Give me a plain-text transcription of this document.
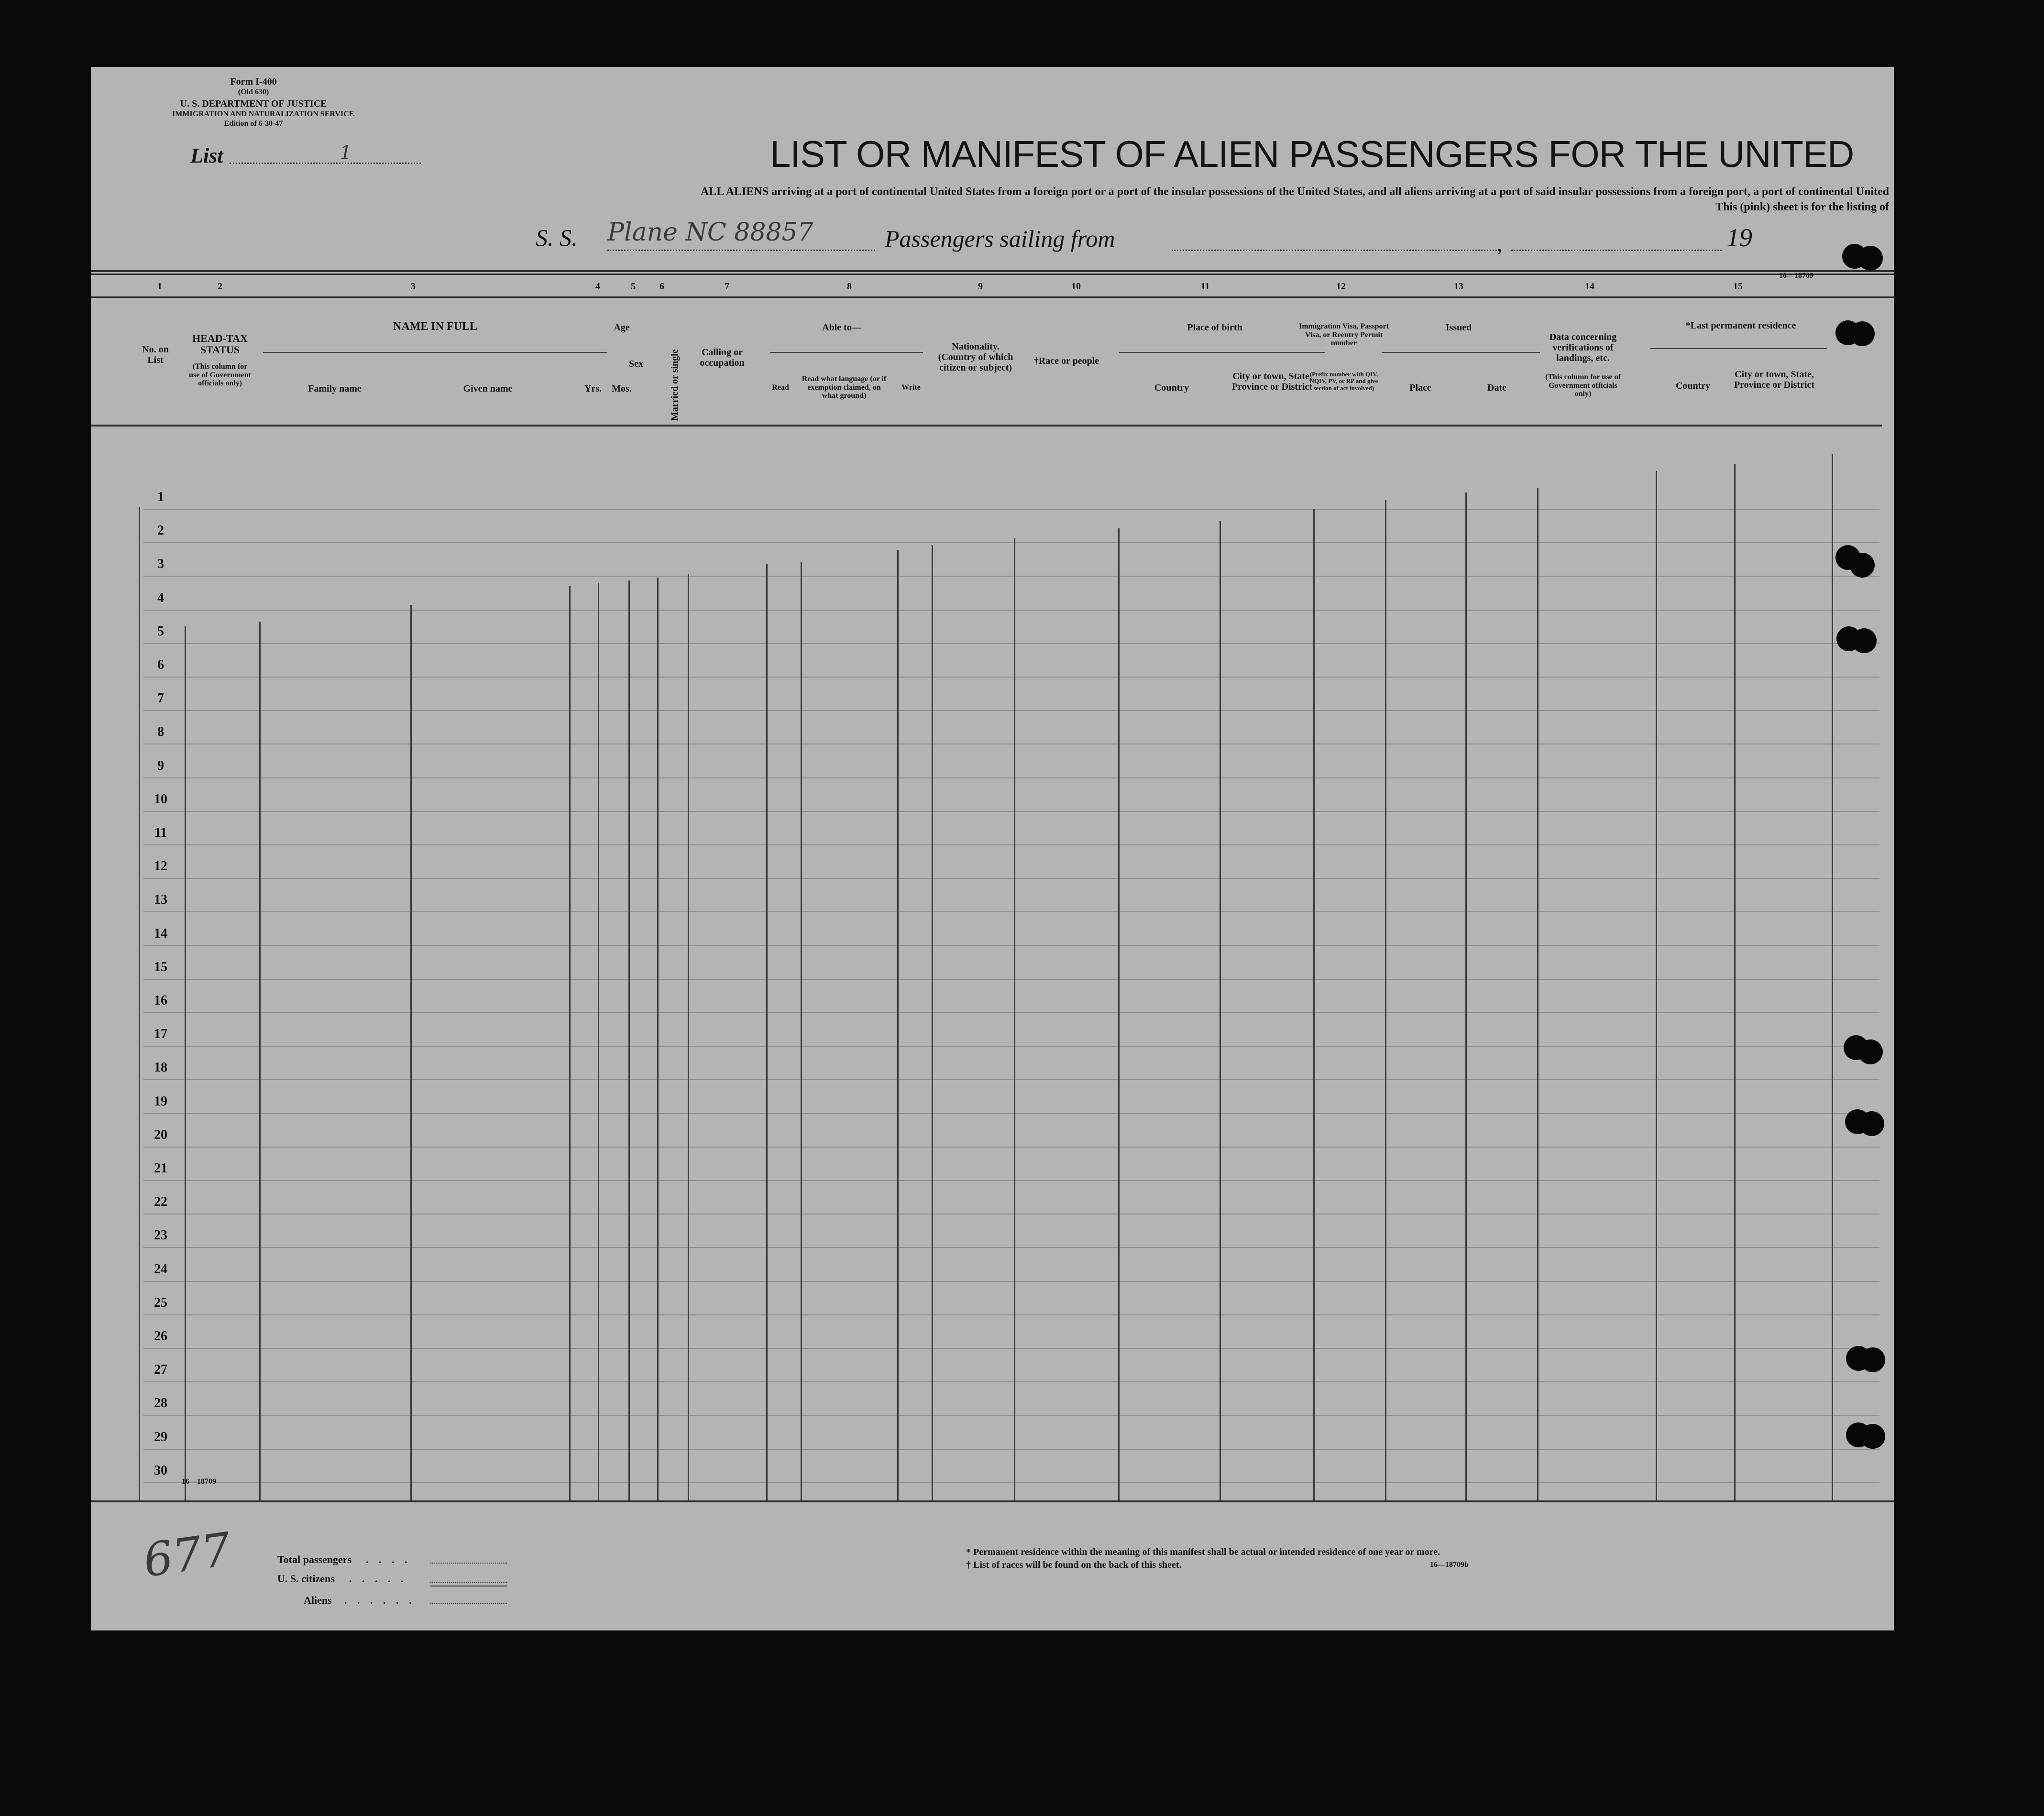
Form I-400
(Old 630)
U. S. DEPARTMENT OF JUSTICE
IMMIGRATION AND NATURALIZATION SERVICE
Edition of 6-30-47
List	1	LIST OR MANIFEST OF ALIEN PASSENGERS FOR THE UNITED
ALL ALIENS arriving at a port of continental United States from a foreign port or a port of the insular possessions of the United States, and all aliens arriving at a port of said insular possessions from a foreign port, a port of continental United
This (pink) sheet is for the listing of
S. S. Plane NC 88857	Passengers sailing from	,	19
1	2	3	4	5	6	7	8	9	10	11	12	13	14	15
16—18709
No. on List
HEAD-TAX STATUS
(This column for use of Government officials only)
NAME IN FULL
Family name	Given name
Age
Yrs.	Mos.
Sex	Married or single	Calling or occupation
Able to—
Read
Read what language (or if exemption claimed, on what ground)
Write
Nationality. (Country of which citizen or subject)
†Race or people
Place of birth
Country
City or town, State, Province or District
Immigration Visa, Passport Visa, or Reentry Permit number
(Prefix number with QIV, NQIV, PV, or RP and give section of act involved)
Issued
Place	Date
Data concerning verifications of landings, etc.
(This column for use of Government officials only)
*Last permanent residence
Country
City or town, State, Province or District
1
2
3
4
5
6
7
8
9
10
11
12
13
14
15
16
17
18
19
20
21
22
23
24
25
26
27
28
29
30
16—18709
677	Total passengers . . . .
U. S. citizens . . . . .
Aliens . . . . . .
* Permanent residence within the meaning of this manifest shall be actual or intended residence of one year or more.
† List of races will be found on the back of this sheet.	16—18709b
